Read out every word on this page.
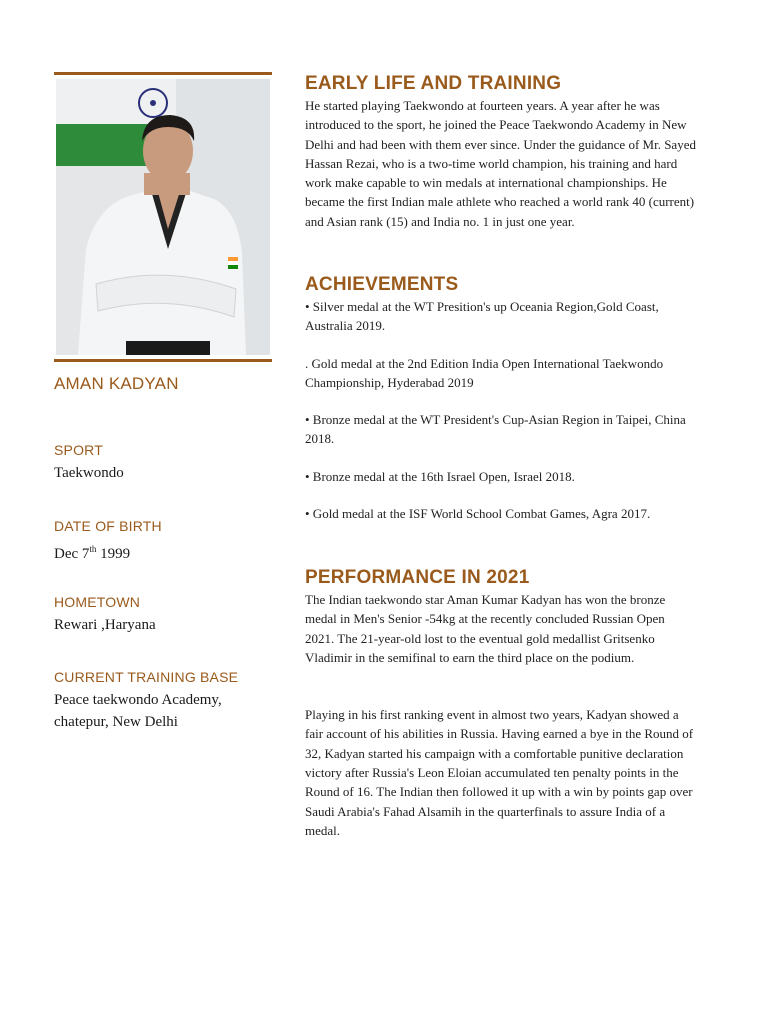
AMAN KADYAN
SPORT
Taekwondo
DATE OF BIRTH
Dec 7th 1999
HOMETOWN
Rewari ,Haryana
CURRENT TRAINING BASE
Peace taekwondo Academy,
chatepur, New Delhi
EARLY LIFE AND TRAINING

He started playing Taekwondo at fourteen years. A year after he was introduced to the sport, he joined the Peace Taekwondo Academy in New Delhi and had been with them ever since. Under the guidance of Mr. Sayed Hassan Rezai, who is a two-time world champion, his training and hard work make capable to win medals at international championships. He became the first Indian male athlete who reached a world rank 40 (current) and Asian rank (15) and India no. 1 in just one year.

ACHIEVEMENTS

• Silver medal at the WT Presition's up Oceania Region,Gold Coast, Australia 2019.

. Gold medal at the 2nd Edition India Open International Taekwondo Championship, Hyderabad 2019

• Bronze medal at the WT President's Cup-Asian Region in Taipei, China 2018.

• Bronze medal at the 16th Israel Open, Israel 2018.

• Gold medal at the ISF World School Combat Games, Agra 2017.

PERFORMANCE IN 2021

The Indian taekwondo star Aman Kumar Kadyan has won the bronze medal in Men's Senior -54kg at the recently concluded Russian Open 2021. The 21-year-old lost to the eventual gold medallist Gritsenko Vladimir in the semifinal to earn the third place on the podium.

Playing in his first ranking event in almost two years, Kadyan showed a fair account of his abilities in Russia. Having earned a bye in the Round of 32, Kadyan started his campaign with a comfortable punitive declaration victory after Russia's Leon Eloian accumulated ten penalty points in the Round of 16. The Indian then followed it up with a win by points gap over Saudi Arabia's Fahad Alsamih in the quarterfinals to assure India of a medal.
